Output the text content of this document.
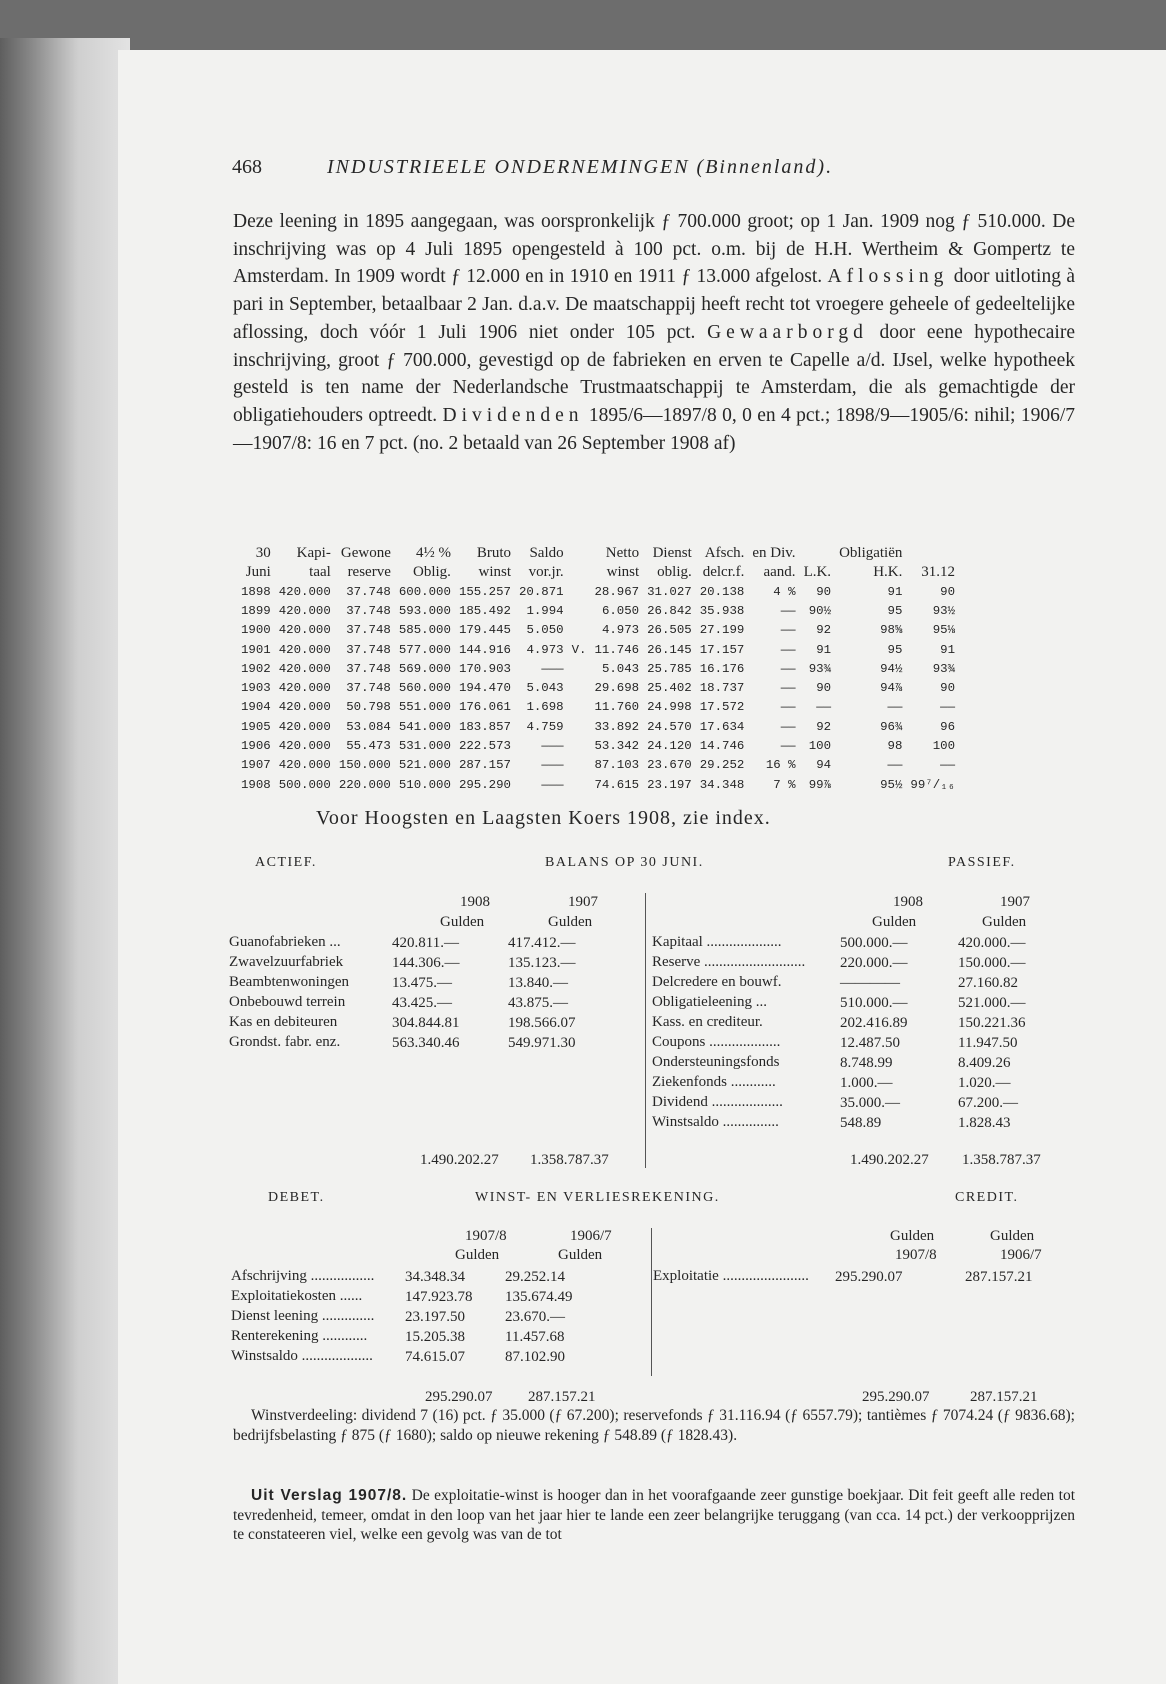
468	INDUSTRIEELE ONDERNEMINGEN (Binnenland).
Deze leening in 1895 aangegaan, was oorspronkelijk ƒ 700.000 groot; op 1 Jan. 1909 nog ƒ 510.000. De inschrijving was op 4 Juli 1895 opengesteld à 100 pct. o.m. bij de H.H. Wertheim & Gompertz te Amsterdam. In 1909 wordt ƒ 12.000 en in 1910 en 1911 ƒ 13.000 afgelost. Aflossing door uitloting à pari in September, betaalbaar 2 Jan. d.a.v. De maatschappij heeft recht tot vroegere geheele of gedeeltelijke aflossing, doch vóór 1 Juli 1906 niet onder 105 pct. Gewaarborgd door eene hypothecaire inschrijving, groot ƒ 700.000, gevestigd op de fabrieken en erven te Capelle a/d. IJsel, welke hypotheek gesteld is ten name der Nederlandsche Trustmaatschappij te Amsterdam, die als gemachtigde der obligatiehouders optreedt. Dividenden 1895/6—1897/8 0, 0 en 4 pct.; 1898/9—1905/6: nihil; 1906/7—1907/8: 16 en 7 pct. (no. 2 betaald van 26 September 1908 af)
30	Kapi-	Gewone	4½ %	Bruto	Saldo		Netto	Dienst	Afsch.	en Div.		Obligatiën		
Juni	taal	reserve	Oblig.	winst	vor.jr.		winst	oblig.	delcr.f.	aand.	L.K.	H.K.	31.12	
1898	420.000	37.748	600.000	155.257	20.871		28.967	31.027	20.138	4 %	90	91	90	
1899	420.000	37.748	593.000	185.492	1.994		6.050	26.842	35.938	——	90½	95	93½	
1900	420.000	37.748	585.000	179.445	5.050		4.973	26.505	27.199	——	92	98⅝	95⅛	
1901	420.000	37.748	577.000	144.916	4.973	V.	11.746	26.145	17.157	——	91	95	91	
1902	420.000	37.748	569.000	170.903	———		5.043	25.785	16.176	——	93¾	94½	93¾	
1903	420.000	37.748	560.000	194.470	5.043		29.698	25.402	18.737	——	90	94⅞	90	
1904	420.000	50.798	551.000	176.061	1.698		11.760	24.998	17.572	——	——	——	——	
1905	420.000	53.084	541.000	183.857	4.759		33.892	24.570	17.634	——	92	96¾	96	
1906	420.000	55.473	531.000	222.573	———		53.342	24.120	14.746	——	100	98	100	
1907	420.000	150.000	521.000	287.157	———		87.103	23.670	29.252	16 %	94	——	——	
1908	500.000	220.000	510.000	295.290	———		74.615	23.197	34.348	7 %	99⅞	95½	99⁷/₁₆	
Voor Hoogsten en Laagsten Koers 1908, zie index.
ACTIEF.	BALANS OP 30 JUNI.	PASSIEF.
1908	1907
Gulden	Gulden
1908	1907
Gulden	Gulden
Guanofabrieken ...	420.811.—	417.412.—
Zwavelzuurfabriek	144.306.—	135.123.—
Beambtenwoningen	13.475.—	13.840.—
Onbebouwd terrein	43.425.—	43.875.—
Kas en debiteuren	304.844.81	198.566.07
Grondst. fabr. enz.	563.340.46	549.971.30
Kapitaal ....................	500.000.—	420.000.—
Reserve ........................... 220.000.—	150.000.—
Delcredere en bouwf.	————	27.160.82
Obligatieleening ...	510.000.—	521.000.—
Kass. en crediteur.	202.416.89	150.221.36
Coupons ...................	12.487.50	11.947.50
Ondersteuningsfonds	8.748.99	8.409.26
Ziekenfonds ............	1.000.—	1.020.—
Dividend ...................	35.000.—	67.200.—
Winstsaldo ...............	548.89	1.828.43
1.490.202.27	1.358.787.37	1.490.202.27	1.358.787.37
DEBET.	WINST- EN VERLIESREKENING.	CREDIT.
1907/8	1906/7
Gulden	Gulden
Gulden	Gulden
1907/8	1906/7
Afschrijving ................. 34.348.34	29.252.14
Exploitatiekosten ......	147.923.78	135.674.49
Dienst leening .............. 23.197.50	23.670.—
Renterekening ............	15.205.38	11.457.68
Winstsaldo ................... 74.615.07	87.102.90
Exploitatie ....................... 295.290.07	287.157.21
295.290.07	287.157.21	295.290.07	287.157.21
Winstverdeeling: dividend 7 (16) pct. ƒ 35.000 (ƒ 67.200); reservefonds ƒ 31.116.94 (ƒ 6557.79); tantièmes ƒ 7074.24 (ƒ 9836.68); bedrijfsbelasting ƒ 875 (ƒ 1680); saldo op nieuwe rekening ƒ 548.89 (ƒ 1828.43).
Uit Verslag 1907/8. De exploitatie-winst is hooger dan in het voorafgaande zeer gunstige boekjaar. Dit feit geeft alle reden tot tevredenheid, temeer, omdat in den loop van het jaar hier te lande een zeer belangrijke teruggang (van cca. 14 pct.) der verkoopprijzen te constateeren viel, welke een gevolg was van de tot
